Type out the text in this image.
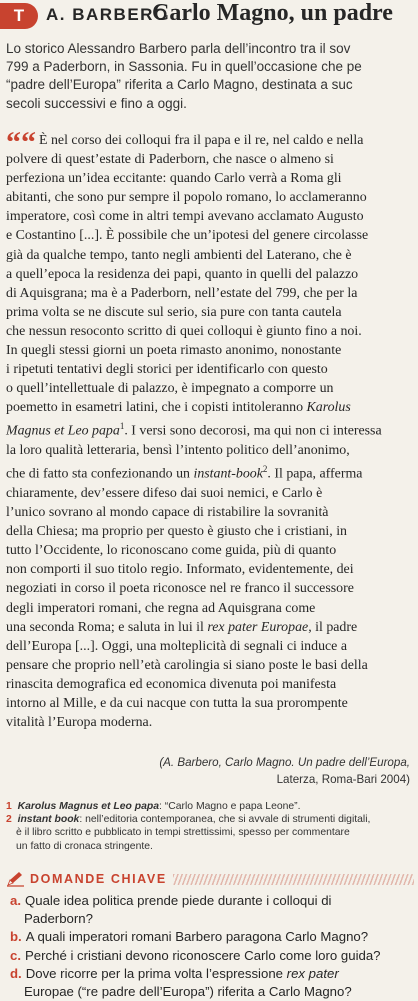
T	A. BARBERO
Carlo Magno, un padre
Lo storico Alessandro Barbero parla dell’incontro tra il sov
799 a Paderborn, in Sassonia. Fu in quell’occasione che pe
“padre dell’Europa” riferita a Carlo Magno, destinata a suc
secoli successivi e fino a oggi.
““ È nel corso dei colloqui fra il papa e il re, nel caldo e nella
polvere di quest’estate di Paderborn, che nasce o almeno si
perfeziona un’idea eccitante: quando Carlo verrà a Roma gli
abitanti, che sono pur sempre il popolo romano, lo acclameranno
imperatore, così come in altri tempi avevano acclamato Augusto
e Costantino [...]. È possibile che un’ipotesi del genere circolasse
già da qualche tempo, tanto negli ambienti del Laterano, che è
a quell’epoca la residenza dei papi, quanto in quelli del palazzo
di Aquisgrana; ma è a Paderborn, nell’estate del 799, che per la
prima volta se ne discute sul serio, sia pure con tanta cautela
che nessun resoconto scritto di quei colloqui è giunto fino a noi.
In quegli stessi giorni un poeta rimasto anonimo, nonostante
i ripetuti tentativi degli storici per identificarlo con questo
o quell’intellettuale di palazzo, è impegnato a comporre un
poemetto in esametri latini, che i copisti intitoleranno Karolus
Magnus et Leo papa$^1$. I versi sono decorosi, ma qui non ci interessa
la loro qualità letteraria, bensì l’intento politico dell’anonimo,
che di fatto sta confezionando un instant-book$^2$. Il papa, afferma
chiaramente, dev’essere difeso dai suoi nemici, e Carlo è
l’unico sovrano al mondo capace di ristabilire la sovranità
della Chiesa; ma proprio per questo è giusto che i cristiani, in
tutto l’Occidente, lo riconoscano come guida, più di quanto
non comporti il suo titolo regio. Informato, evidentemente, dei
negoziati in corso il poeta riconosce nel re franco il successore
degli imperatori romani, che regna ad Aquisgrana come
una seconda Roma; e saluta in lui il rex pater Europae, il padre
dell’Europa [...]. Oggi, una molteplicità di segnali ci induce a
pensare che proprio nell’età carolingia si siano poste le basi della
rinascita demografica ed economica divenuta poi manifesta
intorno al Mille, e da cui nacque con tutta la sua prorompente
vitalità l’Europa moderna.
(A. Barbero, Carlo Magno. Un padre dell’Europa,
Laterza, Roma-Bari 2004)
1 Karolus Magnus et Leo papa: “Carlo Magno e papa Leone”.
2 instant book: nell’editoria contemporanea, che si avvale di strumenti digitali,
è il libro scritto e pubblicato in tempi strettissimi, spesso per commentare
un fatto di cronaca stringente.
DOMANDE CHIAVE
a. Quale idea politica prende piede durante i colloqui di
Paderborn?
b. A quali imperatori romani Barbero paragona Carlo Magno?
c. Perché i cristiani devono riconoscere Carlo come loro guida?
d. Dove ricorre per la prima volta l’espressione rex pater
Europae (“re padre dell’Europa”) riferita a Carlo Magno?
